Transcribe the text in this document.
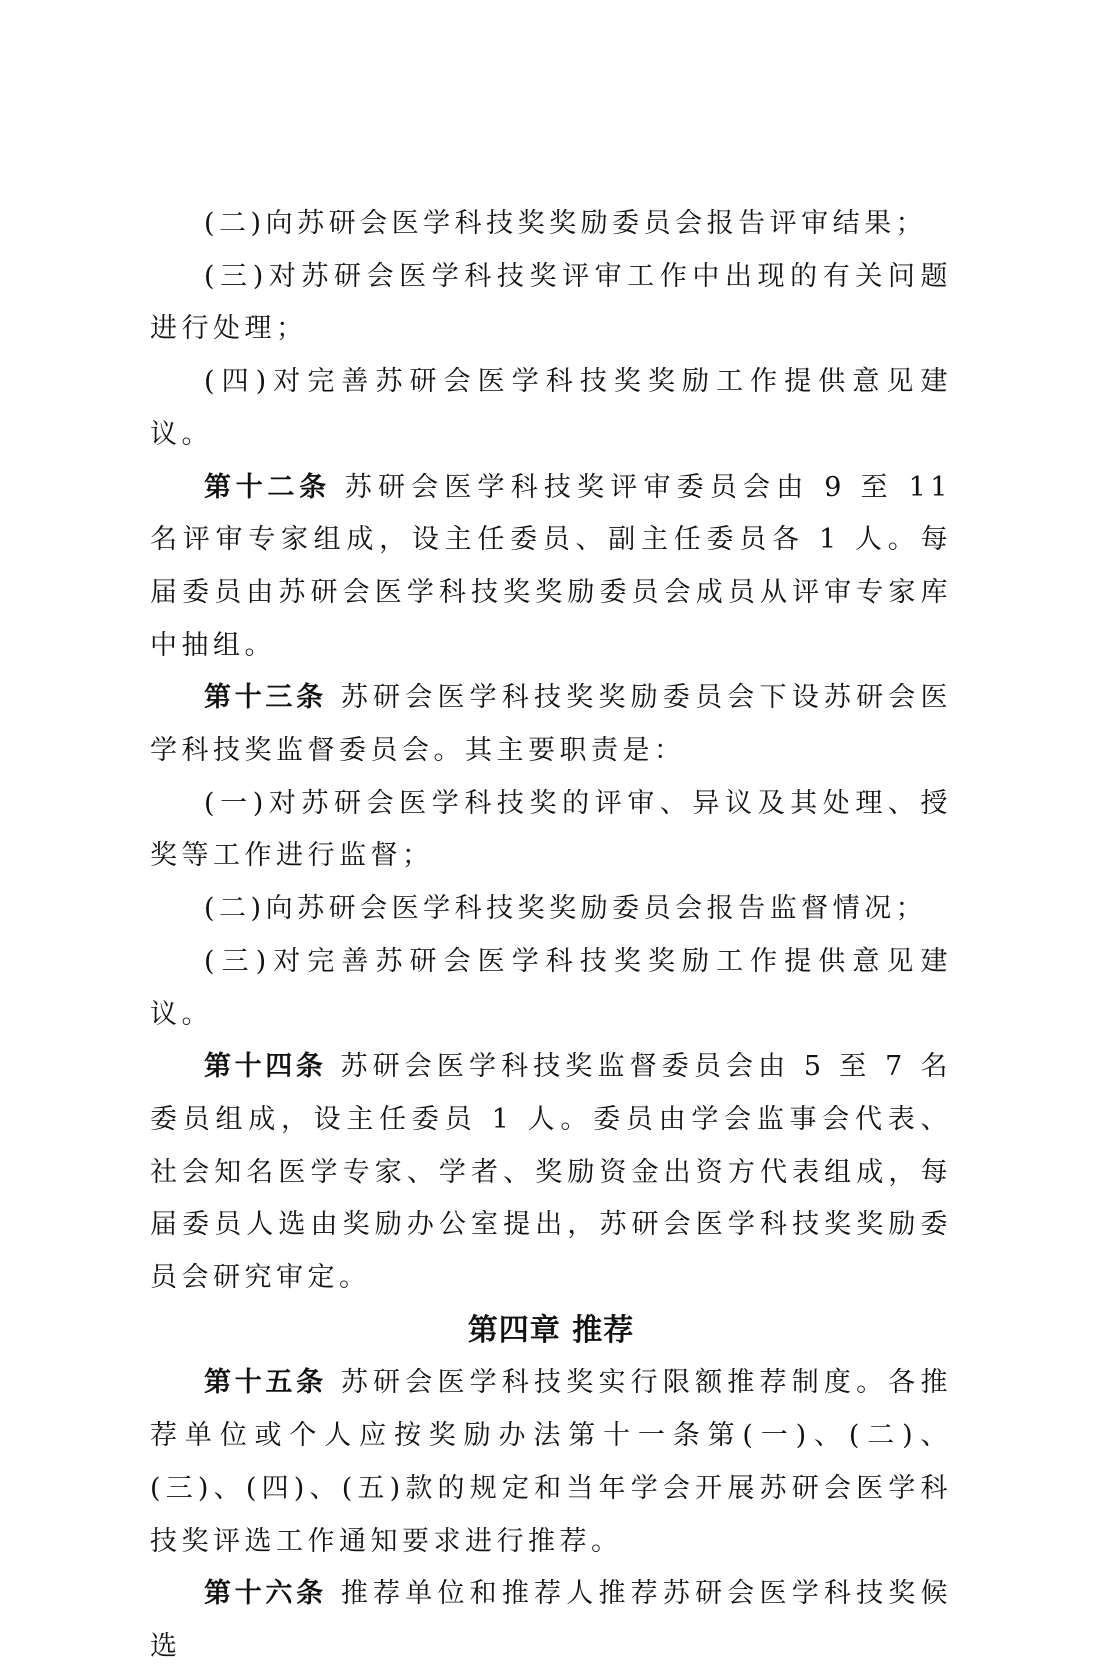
(二)向苏研会医学科技奖奖励委员会报告评审结果；

(三)对苏研会医学科技奖评审工作中出现的有关问题进行处理；

(四)对完善苏研会医学科技奖奖励工作提供意见建议。

第十二条 苏研会医学科技奖评审委员会由 9 至 11 名评审专家组成，设主任委员、副主任委员各 1 人。每届委员由苏研会医学科技奖奖励委员会成员从评审专家库中抽组。

第十三条 苏研会医学科技奖奖励委员会下设苏研会医学科技奖监督委员会。其主要职责是：

(一)对苏研会医学科技奖的评审、异议及其处理、授奖等工作进行监督；

(二)向苏研会医学科技奖奖励委员会报告监督情况；

(三)对完善苏研会医学科技奖奖励工作提供意见建议。

第十四条 苏研会医学科技奖监督委员会由 5 至 7 名委员组成，设主任委员 1 人。委员由学会监事会代表、社会知名医学专家、学者、奖励资金出资方代表组成，每届委员人选由奖励办公室提出，苏研会医学科技奖奖励委员会研究审定。

第四章 推荐

第十五条 苏研会医学科技奖实行限额推荐制度。各推荐单位或个人应按奖励办法第十一条第(一)、(二)、(三)、(四)、(五)款的规定和当年学会开展苏研会医学科技奖评选工作通知要求进行推荐。

第十六条 推荐单位和推荐人推荐苏研会医学科技奖候选
